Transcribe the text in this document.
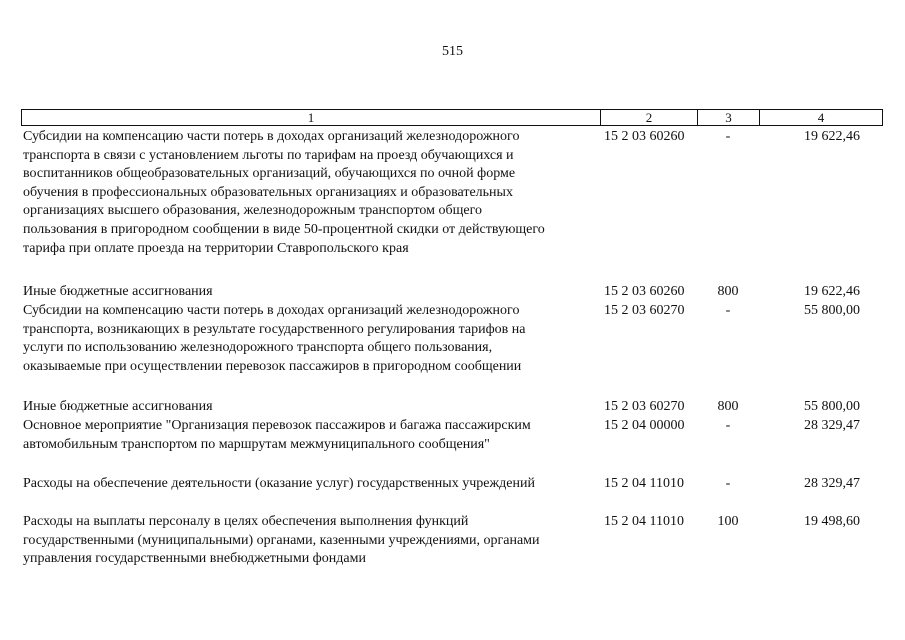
515
1	2	3	4
Субсидии на компенсацию части потерь в доходах организаций железнодорожного
транспорта в связи с установлением льготы по тарифам на проезд обучающихся и
воспитанников общеобразовательных организаций, обучающихся по очной форме
обучения в профессиональных образовательных организациях и образовательных
организациях высшего образования, железнодорожным транспортом общего
пользования в пригородном сообщении в виде 50-процентной скидки от действующего
тарифа при оплате проезда на территории Ставропольского края
15 2 03 60260	-	19 622,46
Иные бюджетные ассигнования	15 2 03 60260	800	19 622,46
Субсидии на компенсацию части потерь в доходах организаций железнодорожного
транспорта, возникающих в результате государственного регулирования тарифов на
услуги по использованию железнодорожного транспорта общего пользования,
оказываемые при осуществлении перевозок пассажиров в пригородном сообщении
15 2 03 60270	-	55 800,00
Иные бюджетные ассигнования	15 2 03 60270	800	55 800,00
Основное мероприятие "Организация перевозок пассажиров и багажа пассажирским
автомобильным транспортом по маршрутам межмуниципального сообщения"
15 2 04 00000	-	28 329,47
Расходы на обеспечение деятельности (оказание услуг) государственных учреждений	15 2 04 11010	-	28 329,47
Расходы на выплаты персоналу в целях обеспечения выполнения функций
государственными (муниципальными) органами, казенными учреждениями, органами
управления государственными внебюджетными фондами
15 2 04 11010	100	19 498,60
